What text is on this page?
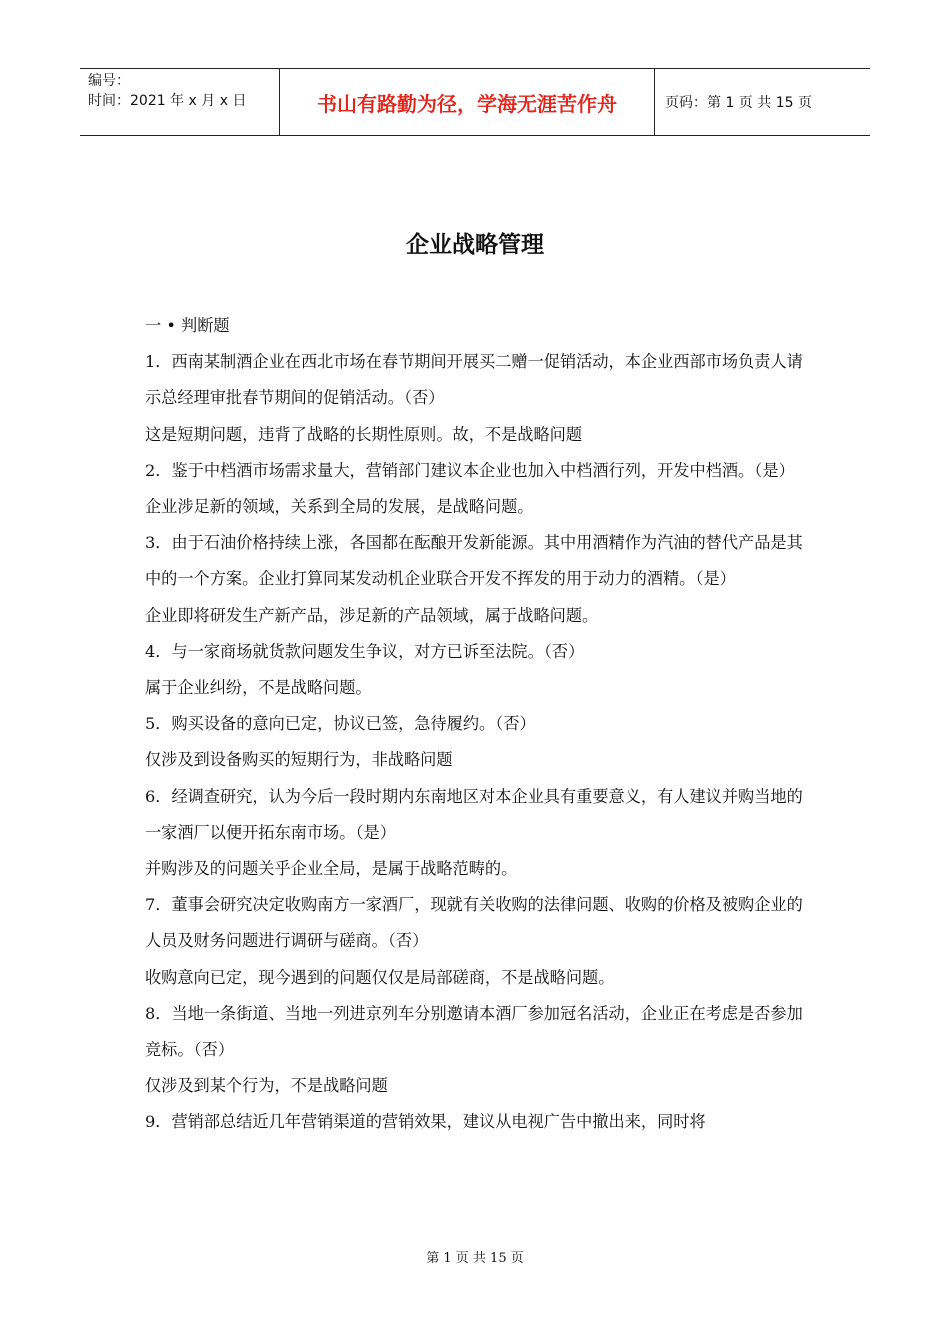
编号：
时间：2021 年 x 月 x 日	书山有路勤为径，学海无涯苦作舟	页码：第 1 页 共 15 页
企业战略管理

一 • 判断题

1．西南某制酒企业在西北市场在春节期间开展买二赠一促销活动，本企业西部市场负责人请示总经理审批春节期间的促销活动。（否）

这是短期问题，违背了战略的长期性原则。故，不是战略问题

2．鉴于中档酒市场需求量大，营销部门建议本企业也加入中档酒行列，开发中档酒。（是）

企业涉足新的领域，关系到全局的发展，是战略问题。

3．由于石油价格持续上涨，各国都在酝酿开发新能源。其中用酒精作为汽油的替代产品是其中的一个方案。企业打算同某发动机企业联合开发不挥发的用于动力的酒精。（是）

企业即将研发生产新产品，涉足新的产品领域，属于战略问题。

4．与一家商场就货款问题发生争议，对方已诉至法院。（否）

属于企业纠纷，不是战略问题。

5．购买设备的意向已定，协议已签，急待履约。（否）

仅涉及到设备购买的短期行为，非战略问题

6．经调查研究，认为今后一段时期内东南地区对本企业具有重要意义，有人建议并购当地的一家酒厂以便开拓东南市场。（是）

并购涉及的问题关乎企业全局，是属于战略范畴的。

7．董事会研究决定收购南方一家酒厂，现就有关收购的法律问题、收购的价格及被购企业的人员及财务问题进行调研与磋商。（否）

收购意向已定，现今遇到的问题仅仅是局部磋商，不是战略问题。

8．当地一条街道、当地一列进京列车分别邀请本酒厂参加冠名活动，企业正在考虑是否参加竞标。（否）

仅涉及到某个行为，不是战略问题

9．营销部总结近几年营销渠道的营销效果，建议从电视广告中撤出来，同时将

第 1 页 共 15 页
